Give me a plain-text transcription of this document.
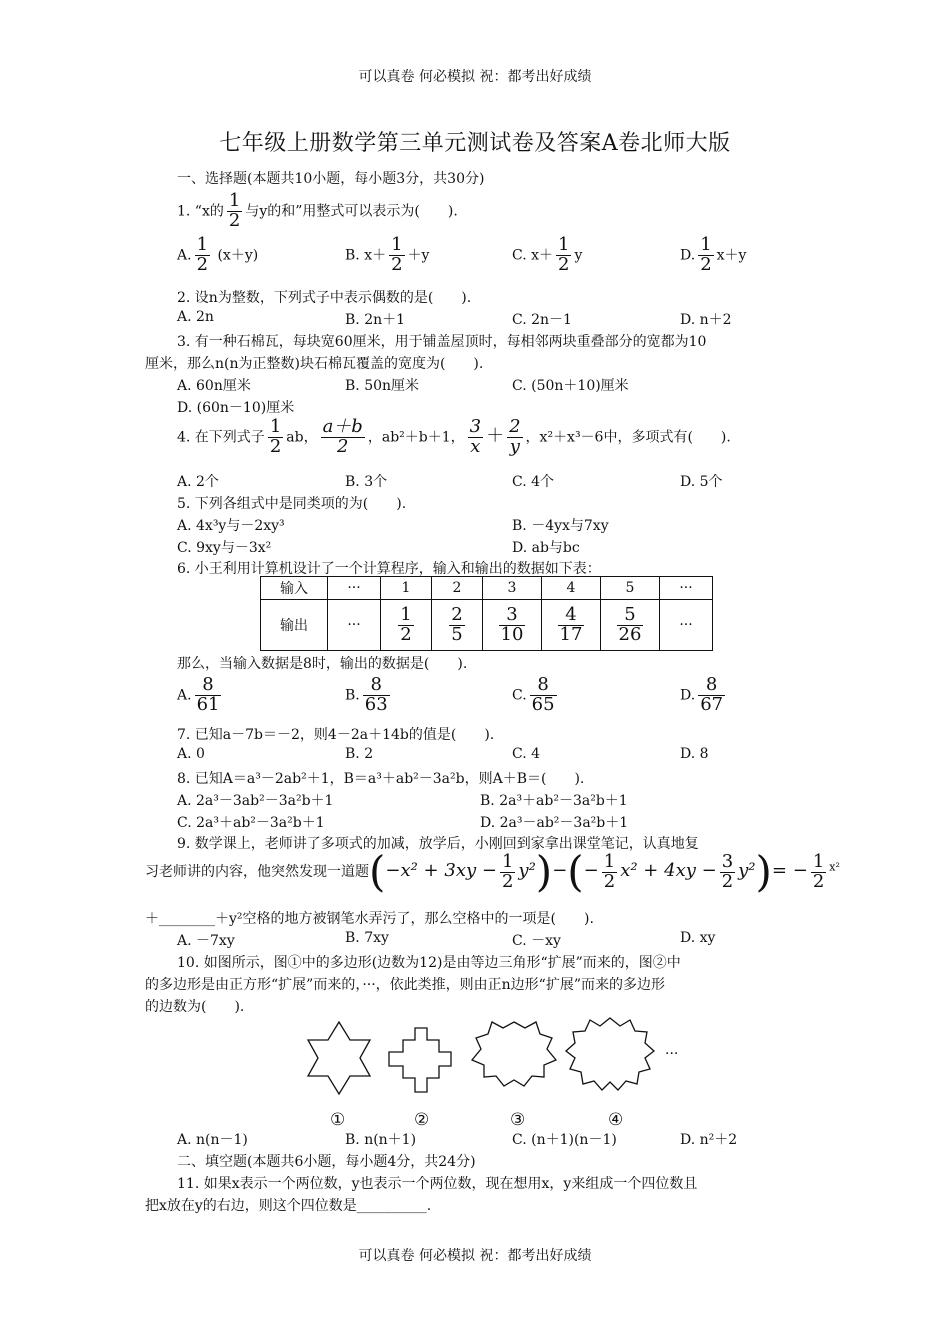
可以真卷 何必模拟 祝：都考出好成绩
七年级上册数学第三单元测试卷及答案A卷北师大版
一、选择题(本题共10小题，每小题3分，共30分)
1. “x的 $\frac{1}{2}$ 与y的和”用整式可以表示为(　　).
A. $\frac{1}{2} (x+y)$	B. $x+ \frac{1}{2} +y$	C. $x+ \frac{1}{2}$ y	D. $\frac{1}{2} x+y$
2. 设n为整数，下列式子中表示偶数的是(　　).
A. 2n	B. 2n＋1	C. 2n－1	D. n＋2
3. 有一种石棉瓦，每块宽60厘米，用于铺盖屋顶时，每相邻两块重叠部分的宽都为10
厘米，那么n(n为正整数)块石棉瓦覆盖的宽度为(　　).
A. 60n厘米	B. 50n厘米	C. (50n＋10)厘米
D. (60n－10)厘米
4. 在下列式子 $\frac{1}{2}$ ab， $\frac{a+b}{2}$ ，ab²＋b＋1， $\frac{3}{x} + \frac{2}{y}$ ，x²＋x³－6中，多项式有(　　).
A. 2个	B. 3个	C. 4个	D. 5个
5. 下列各组式中是同类项的为(　　).
A. 4x³y与－2xy³	B. －4yx与7xy
C. 9xy与－3x²	D. ab与bc
6. 小王利用计算机设计了一个计算程序，输入和输出的数据如下表：
输入	···	1	2	3	4	5	···
输出	···	$\frac{1}{2}$	$\frac{2}{5}$	$\frac{3}{10}$	$\frac{4}{17}$	$\frac{5}{26}$	···
那么，当输入数据是8时，输出的数据是(　　).
A. $\frac{8}{61}$	B. $\frac{8}{63}$	C. $\frac{8}{65}$	D. $\frac{8}{67}$
7. 已知a－7b＝－2，则4－2a＋14b的值是(　　).
A. 0	B. 2	C. 4	D. 8
8. 已知A＝a³－2ab²＋1，B＝a³＋ab²－3a²b，则A＋B＝(　　).
A. 2a³－3ab²－3a²b＋1	B. 2a³＋ab²－3a²b＋1
C. 2a³＋ab²－3a²b＋1	D. 2a³－ab²－3a²b＋1
9. 数学课上，老师讲了多项式的加减，放学后，小刚回到家拿出课堂笔记，认真地复
习老师讲的内容，他突然发现一道题$(-x^2 + 3xy - \frac{1}{2} y^2)-(- \frac{1}{2} x^2 + 4xy - \frac{3}{2} y^2)= - \frac{1}{2} ^{x^2}$
＋________＋y²空格的地方被钢笔水弄污了，那么空格中的一项是(　　).
A. －7xy	B. 7xy	C. －xy	D. xy
10. 如图所示，图①中的多边形(边数为12)是由等边三角形“扩展”而来的，图②中
的多边形是由正方形“扩展”而来的，···，依此类推，则由正n边形“扩展”而来的多边形
的边数为(　　).
···
①	②	③	④
A. n(n－1)	B. n(n＋1)	C. (n＋1)(n－1)	D. n²＋2
二、填空题(本题共6小题，每小题4分，共24分)
11. 如果x表示一个两位数，y也表示一个两位数，现在想用x，y来组成一个四位数且
把x放在y的右边，则这个四位数是__________.
可以真卷 何必模拟 祝：都考出好成绩
